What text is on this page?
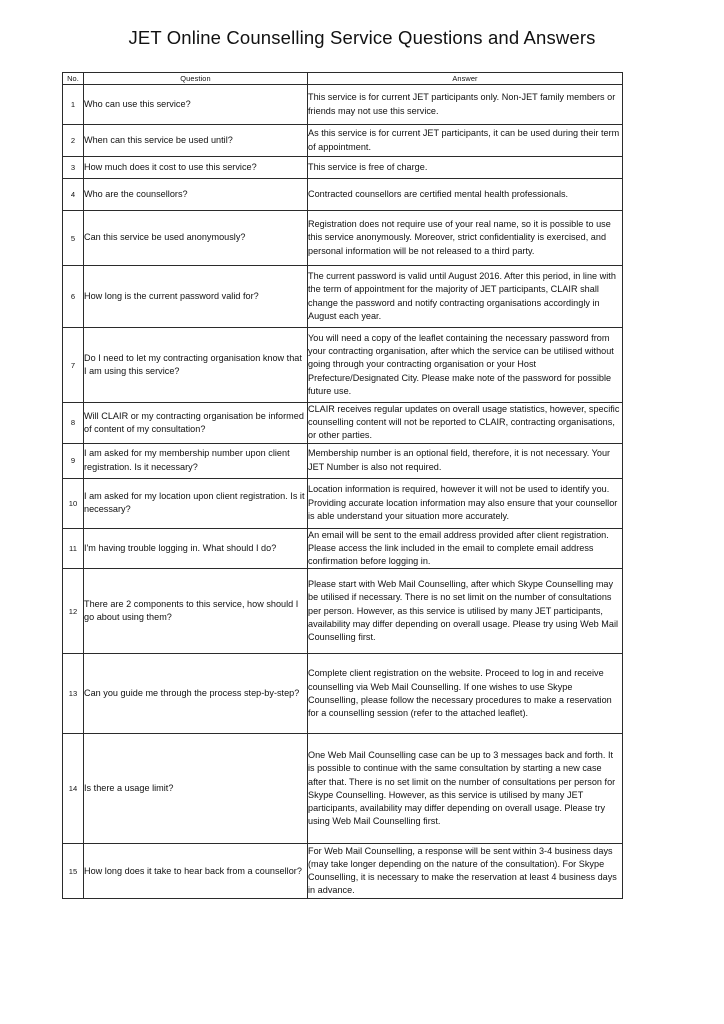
JET Online Counselling Service Questions and Answers
No.	Question	Answer
1	Who can use this service?	This service is for current JET participants only. Non-JET family members or friends may not use this service.
2	When can this service be used until?	As this service is for current JET participants, it can be used during their term of appointment.
3	How much does it cost to use this service?	This service is free of charge.
4	Who are the counsellors?	Contracted counsellors are certified mental health professionals.
5	Can this service be used anonymously?	Registration does not require use of your real name, so it is possible to use this service anonymously. Moreover, strict confidentiality is exercised, and personal information will be not released to a third party.
6	How long is the current password valid for?	The current password is valid until August 2016. After this period, in line with the term of appointment for the majority of JET participants, CLAIR shall change the password and notify contracting organisations accordingly in August each year.
7	Do I need to let my contracting organisation know that I am using this service?	You will need a copy of the leaflet containing the necessary password from your contracting organisation, after which the service can be utilised without going through your contracting organisation or your Host Prefecture/Designated City. Please make note of the password for possible future use.
8	Will CLAIR or my contracting organisation be informed of content of my consultation?	CLAIR receives regular updates on overall usage statistics, however, specific counselling content will not be reported to CLAIR, contracting organisations, or other parties.
9	I am asked for my membership number upon client registration. Is it necessary?	Membership number is an optional field, therefore, it is not necessary. Your JET Number is also not required.
10	I am asked for my location upon client registration. Is it necessary?	Location information is required, however it will not be used to identify you. Providing accurate location information may also ensure that your counsellor is able understand your situation more accurately.
11	I'm having trouble logging in. What should I do?	An email will be sent to the email address provided after client registration. Please access the link included in the email to complete email address confirmation before logging in.
12	There are 2 components to this service, how should I go about using them?	Please start with Web Mail Counselling, after which Skype Counselling may be utilised if necessary. There is no set limit on the number of consultations per person. However, as this service is utilised by many JET participants, availability may differ depending on overall usage. Please try using Web Mail Counselling first.
13	Can you guide me through the process step-by-step?	Complete client registration on the website. Proceed to log in and receive counselling via Web Mail Counselling. If one wishes to use Skype Counselling, please follow the necessary procedures to make a reservation for a counselling session (refer to the attached leaflet).
14	Is there a usage limit?	One Web Mail Counselling case can be up to 3 messages back and forth. It is possible to continue with the same consultation by starting a new case after that. There is no set limit on the number of consultations per person for Skype Counselling. However, as this service is utilised by many JET participants, availability may differ depending on overall usage. Please try using Web Mail Counselling first.
15	How long does it take to hear back from a counsellor?	For Web Mail Counselling, a response will be sent within 3-4 business days (may take longer depending on the nature of the consultation). For Skype Counselling, it is necessary to make the reservation at least 4 business days in advance.
